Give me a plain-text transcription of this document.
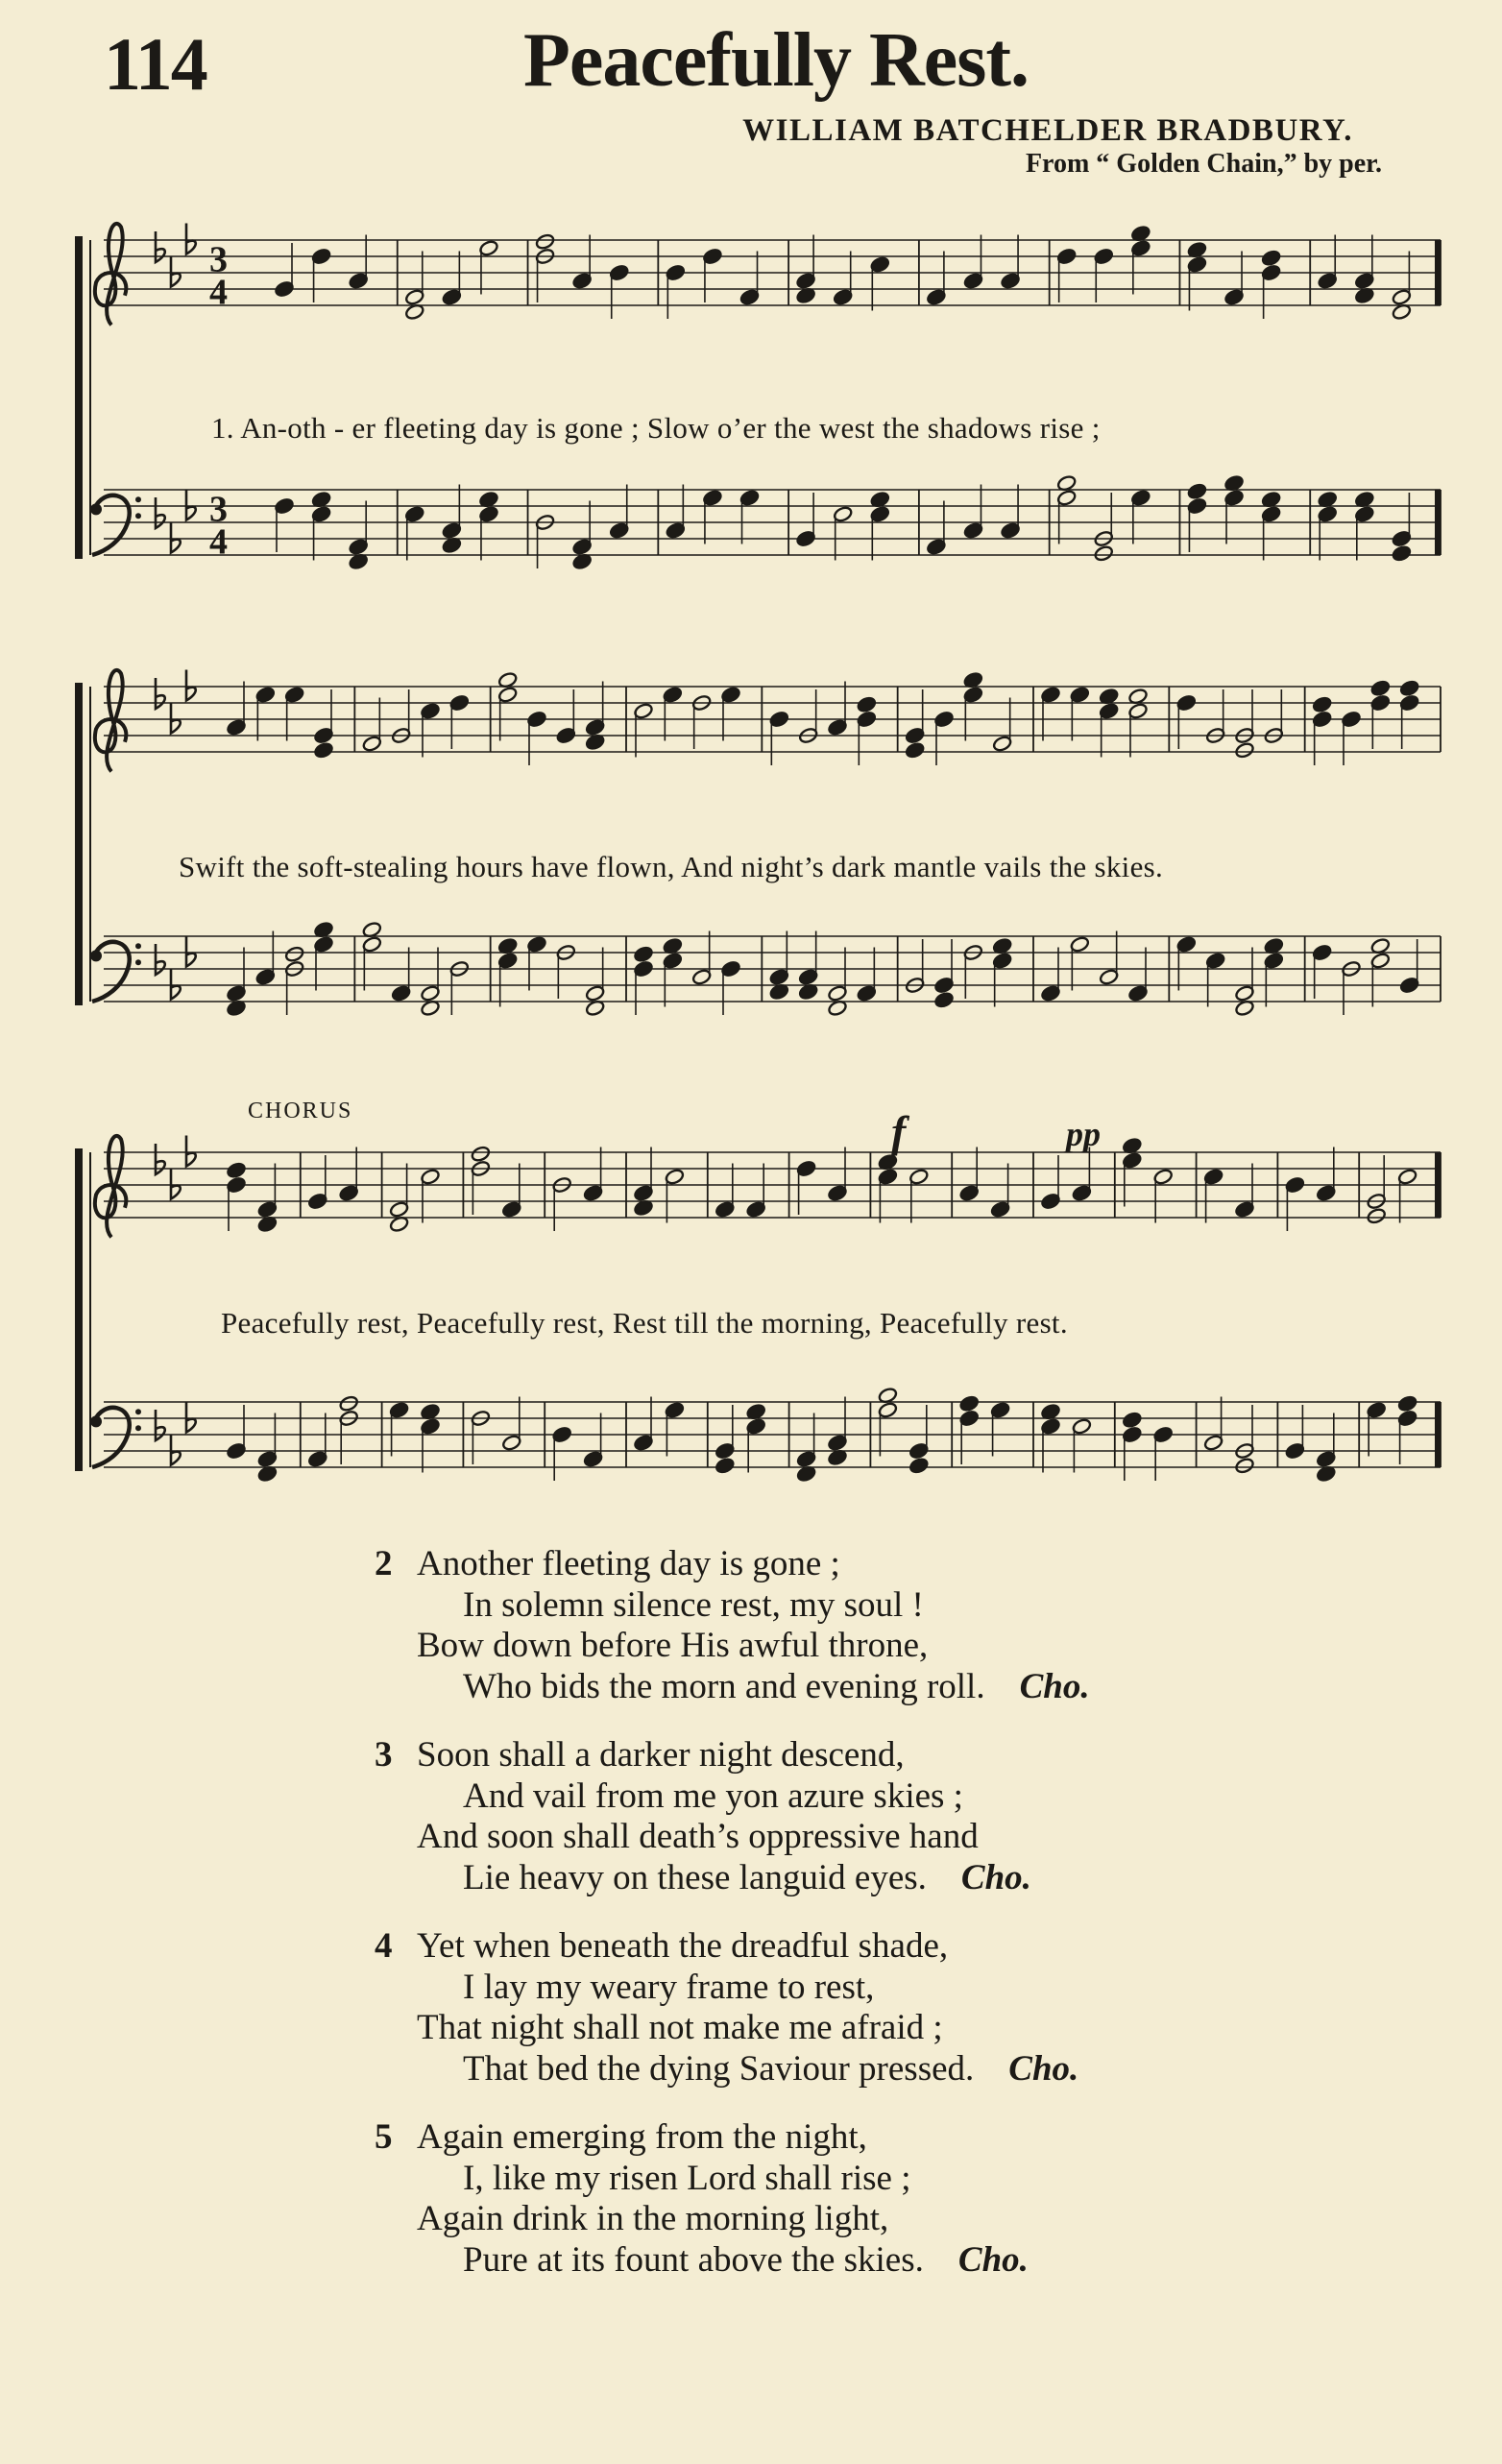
114	Peacefully Rest.
WILLIAM BATCHELDER BRADBURY.
From “ Golden Chain,” by per.
3
3
4
4
1. An-oth - er fleeting day is gone ; Slow o’er the west the shadows rise ;
Swift the soft-stealing hours have flown, And night’s dark mantle vails the skies.
CHORUS	f	pp
Peacefully rest, Peacefully rest, Rest till the morning, Peacefully rest.
2 Another fleeting day is gone ;
In solemn silence rest, my soul !
Bow down before His awful throne,
Who bids the morn and evening roll. Cho.
3 Soon shall a darker night descend,
And vail from me yon azure skies ;
And soon shall death’s oppressive hand
Lie heavy on these languid eyes. Cho.
4 Yet when beneath the dreadful shade,
I lay my weary frame to rest,
That night shall not make me afraid ;
That bed the dying Saviour pressed. Cho.
5 Again emerging from the night,
I, like my risen Lord shall rise ;
Again drink in the morning light,
Pure at its fount above the skies. Cho.
